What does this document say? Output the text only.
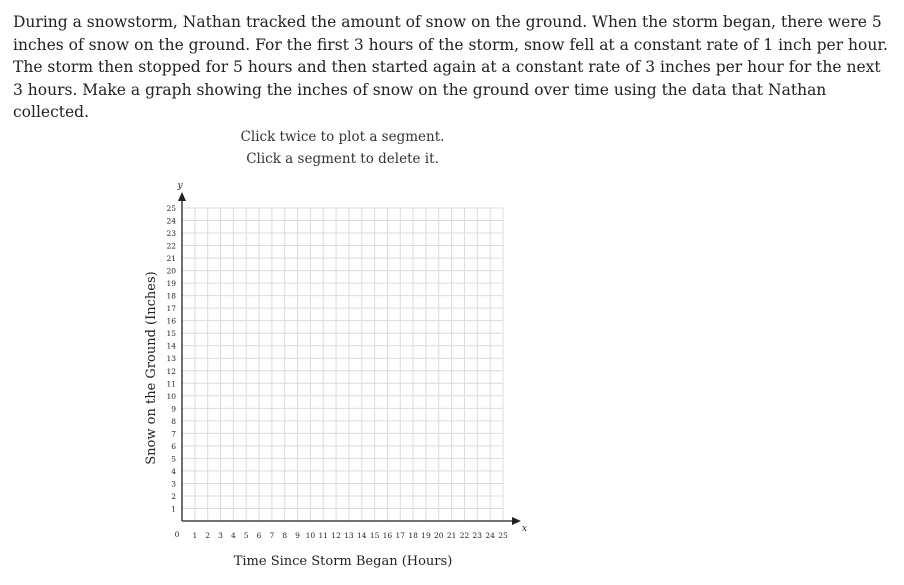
During a snowstorm, Nathan tracked the amount of snow on the ground. When the storm began, there were 5 inches of snow on the ground. For the first 3 hours of the storm, snow fell at a constant rate of 1 inch per hour. The storm then stopped for 5 hours and then started again at a constant rate of 3 inches per hour for the next 3 hours. Make a graph showing the inches of snow on the ground over time using the data that Nathan collected.

Click twice to plot a segment.

Click a segment to delete it.

1 2 3 4 5 6 7 8 9 10 11 12 13 14 15 16 17 18 19 20 21 22 23 24 25
1
2
3
4
5
6
7
8
9
10
11
12
13
14
15
16
17
18
19
20
21
22
23
24
25
0
x
y
Time Since Storm Began (Hours)
Snow on the Ground (Inches)
